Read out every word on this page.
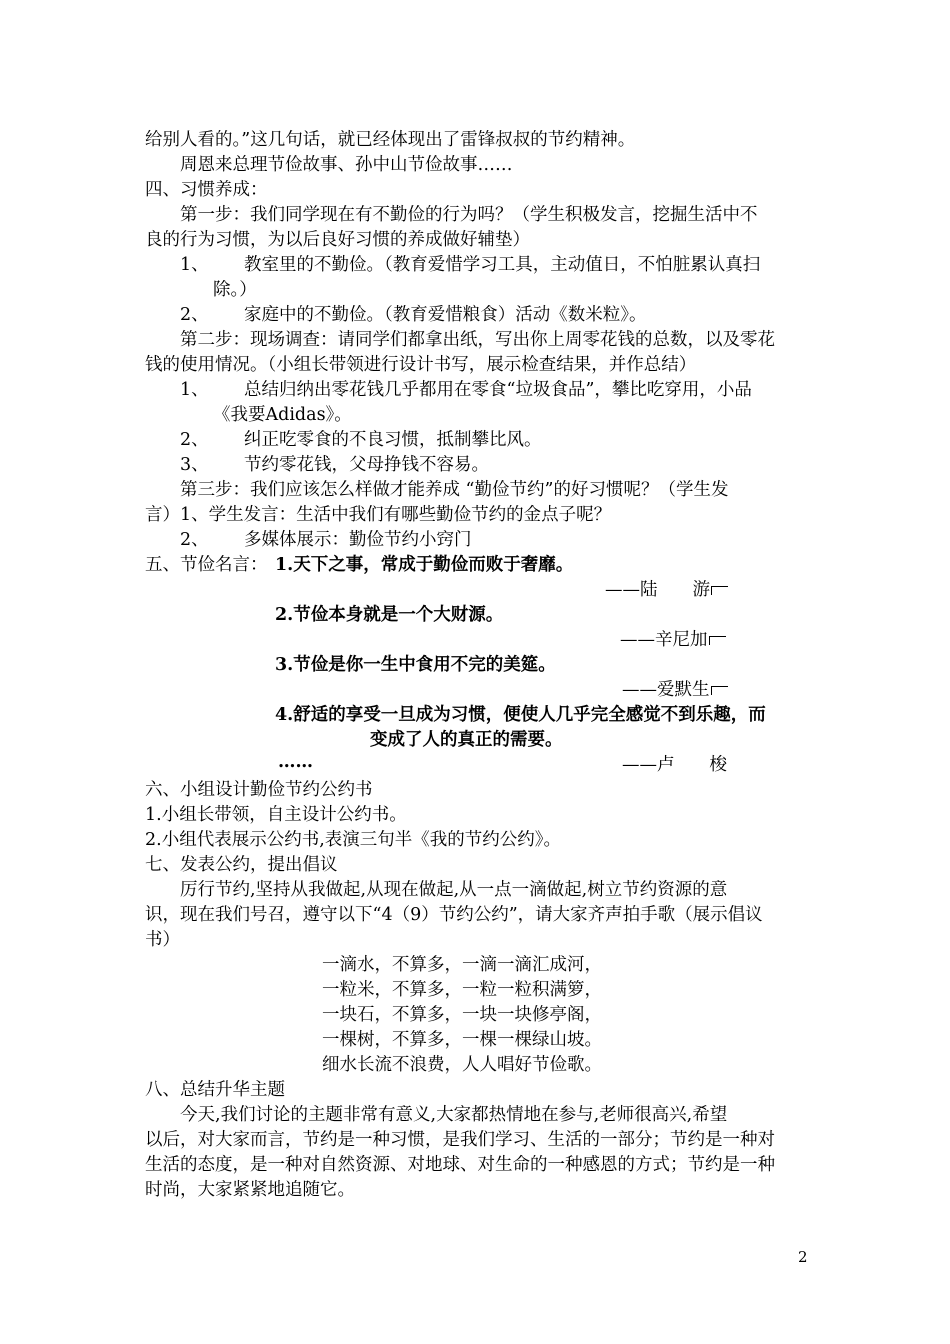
给别人看的。”这几句话，就已经体现出了雷锋叔叔的节约精神。
周恩来总理节俭故事、孙中山节俭故事……
四、习惯养成：
第一步：我们同学现在有不勤俭的行为吗？（学生积极发言，挖掘生活中不
良的行为习惯，为以后良好习惯的养成做好辅垫）
1、 教室里的不勤俭。（教育爱惜学习工具，主动值日，不怕脏累认真扫
除。）
2、 家庭中的不勤俭。（教育爱惜粮食）活动《数米粒》。
第二步：现场调查：请同学们都拿出纸，写出你上周零花钱的总数，以及零花
钱的使用情况。（小组长带领进行设计书写，展示检查结果，并作总结）
1、 总结归纳出零花钱几乎都用在零食“垃圾食品”，攀比吃穿用，小品
《我要Adidas》。
2、 纠正吃零食的不良习惯，抵制攀比风。
3、 节约零花钱，父母挣钱不容易。
第三步：我们应该怎么样做才能养成 “勤俭节约”的好习惯呢？（学生发
言）1、学生发言：生活中我们有哪些勤俭节约的金点子呢？
2、 多媒体展示：勤俭节约小窍门
五、节俭名言： 1.天下之事，常成于勤俭而败于奢靡。
——陆　　游
2.节俭本身就是一个大财源。
——辛尼加
3.节俭是你一生中食用不完的美筵。
——爱默生
4.舒适的享受一旦成为习惯，便使人几乎完全感觉不到乐趣，而
变成了人的真正的需要。
……	——卢　　梭
六、小组设计勤俭节约公约书
1.小组长带领，自主设计公约书。
2.小组代表展示公约书,表演三句半《我的节约公约》。
七、发表公约，提出倡议
厉行节约,坚持从我做起,从现在做起,从一点一滴做起,树立节约资源的意
识，现在我们号召，遵守以下“4（9）节约公约”，请大家齐声拍手歌（展示倡议
书）
一滴水，不算多，一滴一滴汇成河，
一粒米，不算多，一粒一粒积满箩，
一块石，不算多，一块一块修亭阁，
一棵树，不算多，一棵一棵绿山坡。
细水长流不浪费，人人唱好节俭歌。
八、总结升华主题
今天,我们讨论的主题非常有意义,大家都热情地在参与,老师很高兴,希望
以后，对大家而言，节约是一种习惯，是我们学习、生活的一部分；节约是一种对
生活的态度，是一种对自然资源、对地球、对生命的一种感恩的方式；节约是一种
时尚，大家紧紧地追随它。
2
